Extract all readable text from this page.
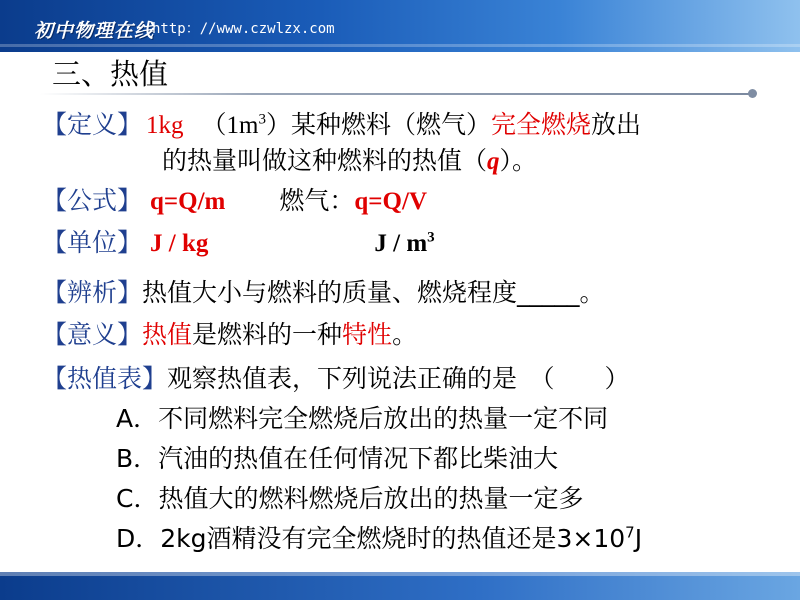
初中物理在线
http：//www.czwlzx.com
三、热值
【定义】 1kg $(1m^3)$某种燃料（燃气）完全燃烧放出
的热量叫做这种燃料的热值（q）。
【公式】 q=Q/m 燃气：q=Q/V
【单位】 J / kg	J / $m^3$
【辨析】热值大小与燃料的质量、燃烧程度_____。
【意义】热值是燃料的一种特性。
【热值表】观察热值表，下列说法正确的是　（　　）
A．不同燃料完全燃烧后放出的热量一定不同
B．汽油的热值在任何情况下都比柴油大
C．热值大的燃料燃烧后放出的热量一定多
D．2kg酒精没有完全燃烧时的热值还是$3\times 10^7J$
